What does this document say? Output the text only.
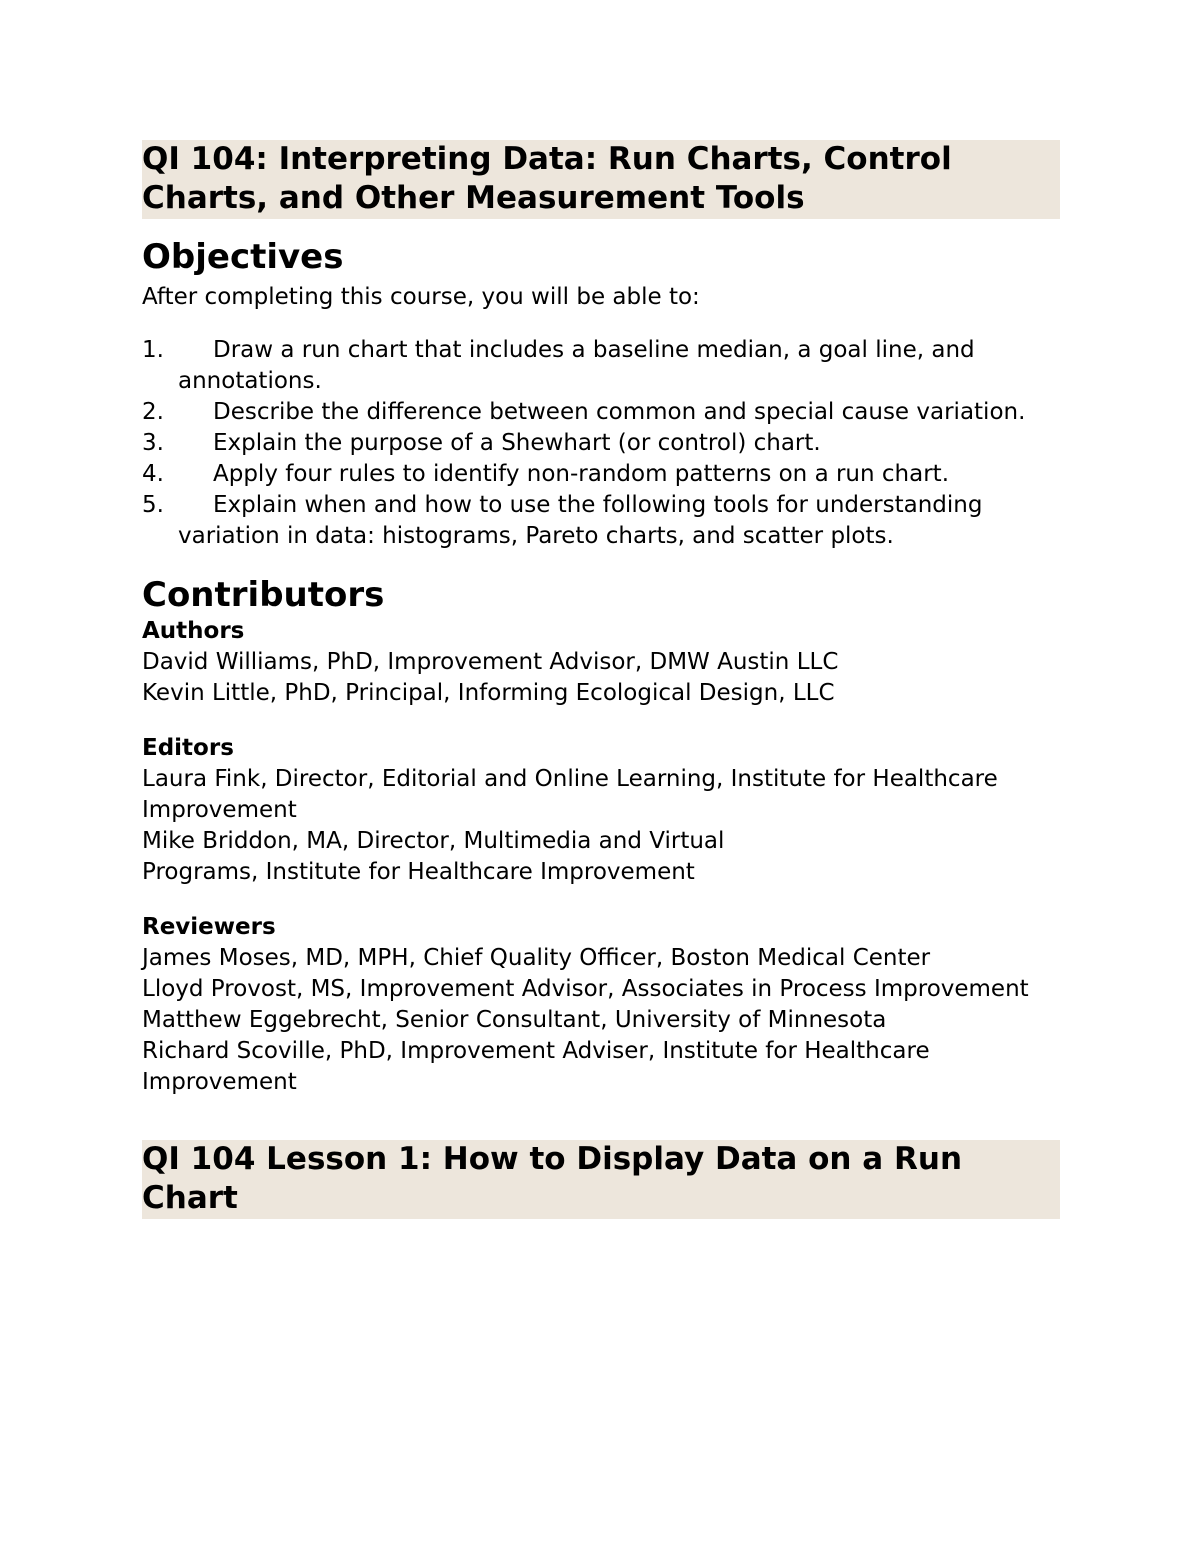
QI 104: Interpreting Data: Run Charts, Control Charts, and Other Measurement Tools
Objectives

After completing this course, you will be able to:

1.	Draw a run chart that includes a baseline median, a goal line, and annotations.
2.	Describe the difference between common and special cause variation.
3.	Explain the purpose of a Shewhart (or control) chart.
4.	Apply four rules to identify non-random patterns on a run chart.
5.	Explain when and how to use the following tools for understanding variation in data: histograms, Pareto charts, and scatter plots.
Contributors

Authors

David Williams, PhD, Improvement Advisor, DMW Austin LLC

Kevin Little, PhD, Principal, Informing Ecological Design, LLC

Editors

Laura Fink, Director, Editorial and Online Learning, Institute for Healthcare Improvement

Mike Briddon, MA, Director, Multimedia and Virtual Programs, Institute for Healthcare Improvement

Reviewers

James Moses, MD, MPH, Chief Quality Officer, Boston Medical Center

Lloyd Provost, MS, Improvement Advisor, Associates in Process Improvement

Matthew Eggebrecht, Senior Consultant, University of Minnesota

Richard Scoville, PhD, Improvement Adviser, Institute for Healthcare Improvement

QI 104 Lesson 1: How to Display Data on a Run Chart
